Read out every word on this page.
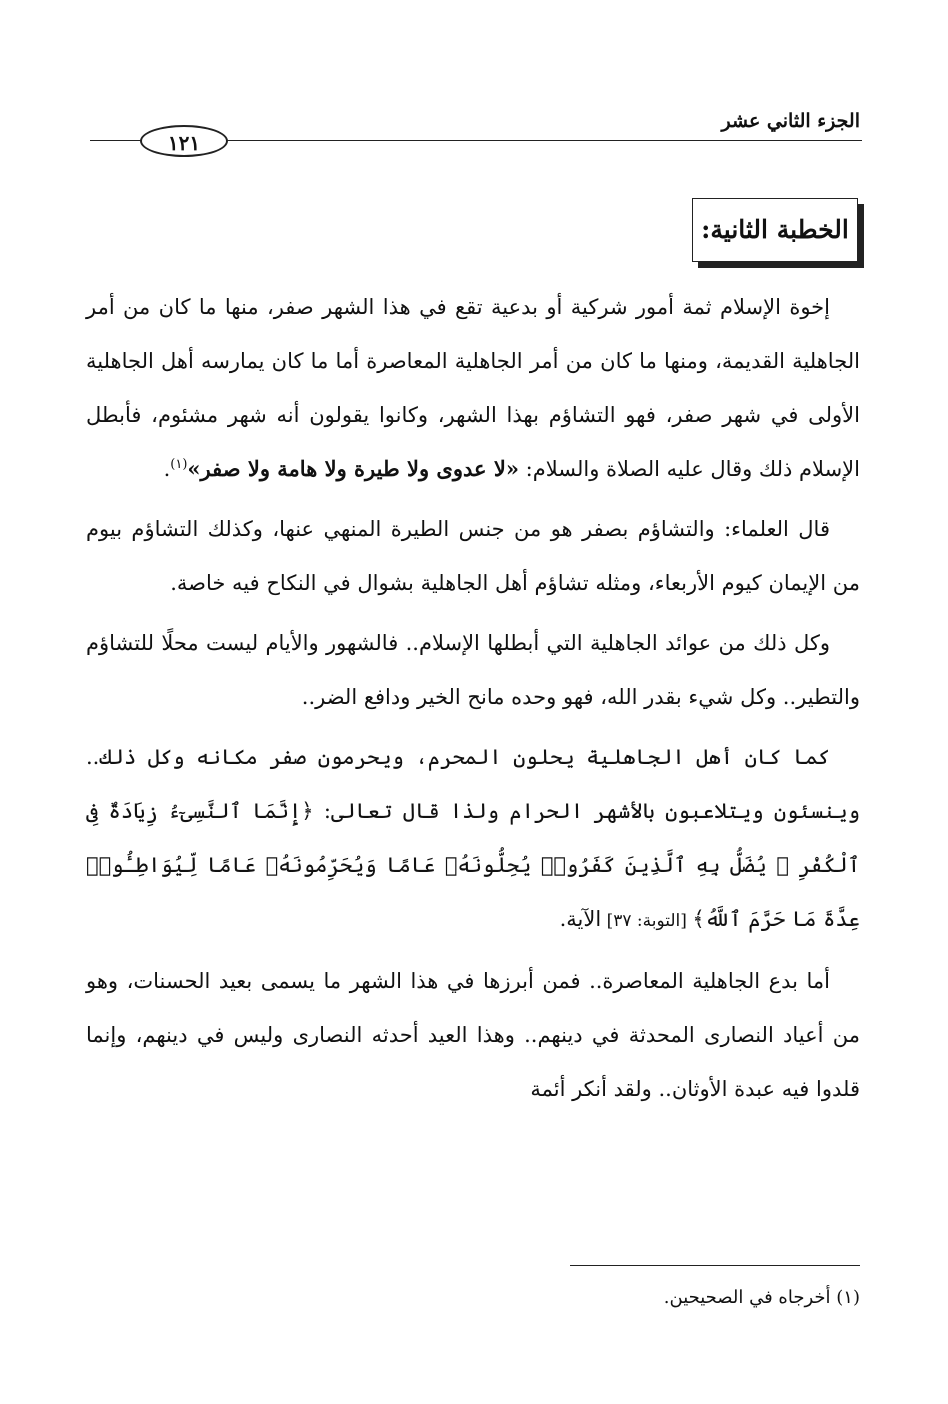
الجزء الثاني عشر
١٢١
الخطبة الثانية:

إخوة الإسلام ثمة أمور شركية أو بدعية تقع في هذا الشهر صفر، منها ما كان من أمر الجاهلية القديمة، ومنها ما كان من أمر الجاهلية المعاصرة أما ما كان يمارسه أهل الجاهلية الأولى في شهر صفر، فهو التشاؤم بهذا الشهر، وكانوا يقولون أنه شهر مشئوم، فأبطل الإسلام ذلك وقال عليه الصلاة والسلام: «لا عدوى ولا طيرة ولا هامة ولا صفر»$^{(١)}$.

قال العلماء: والتشاؤم بصفر هو من جنس الطيرة المنهي عنها، وكذلك التشاؤم بيوم من الإيمان كيوم الأربعاء، ومثله تشاؤم أهل الجاهلية بشوال في النكاح فيه خاصة.

وكل ذلك من عوائد الجاهلية التي أبطلها الإسلام.. فالشهور والأيام ليست محلًا للتشاؤم والتطير.. وكل شيء بقدر الله، فهو وحده مانح الخير ودافع الضر..

كما كان أهل الجاهلية يحلون المحرم، ويحرمون صفر مكانه وكل ذلك.. وينسئون ويتلاعبون بالأشهر الحرام ولذا قال تعالى: ﴿إِنَّمَا ٱلنَّسِىٓءُ زِيَادَةٌ فِى ٱلْكُفْرِ ۖ يُضَلُّ بِهِ ٱلَّذِينَ كَفَرُوا۟ يُحِلُّونَهُۥ عَامًا وَيُحَرِّمُونَهُۥ عَامًا لِّيُوَاطِـُٔوا۟ عِدَّةَ مَا حَرَّمَ ٱللَّهُ﴾ [التوبة: ٣٧] الآية.

أما بدع الجاهلية المعاصرة.. فمن أبرزها في هذا الشهر ما يسمى بعيد الحسنات، وهو من أعياد النصارى المحدثة في دينهم.. وهذا العيد أحدثه النصارى وليس في دينهم، وإنما قلدوا فيه عبدة الأوثان.. ولقد أنكر أئمة

(١) أخرجاه في الصحيحين.
